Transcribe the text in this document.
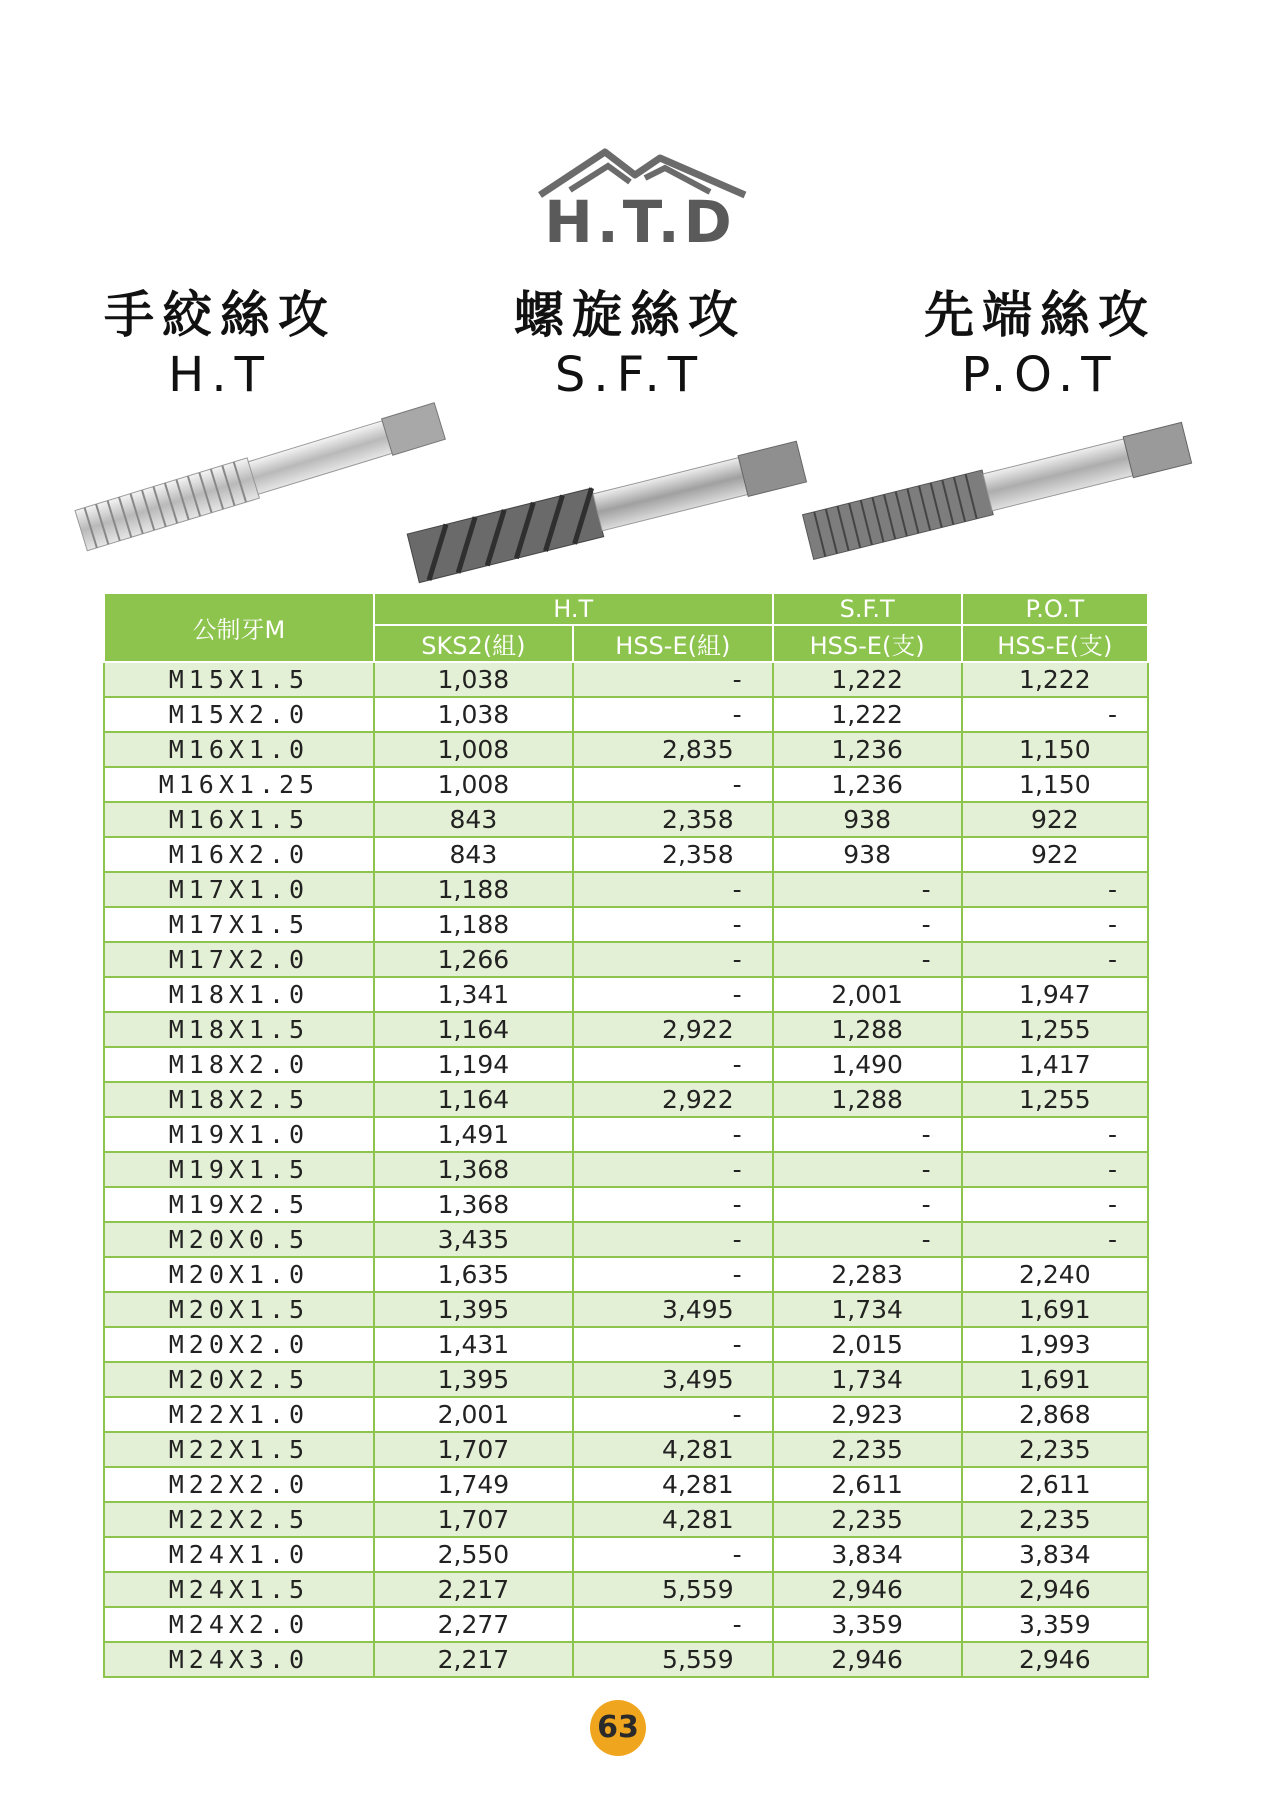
H.T.D
手絞絲攻
H.T
螺旋絲攻
S.F.T
先端絲攻
P.O.T
公制牙M	H.T		S.F.T	P.O.T
	SKS2(組)	HSS-E(組)	HSS-E(支)	HSS-E(支)
M15X1.5	1,038	-	1,222	1,222
M15X2.0	1,038	-	1,222	-
M16X1.0	1,008	2,835	1,236	1,150
M16X1.25	1,008	-	1,236	1,150
M16X1.5	843	2,358	938	922
M16X2.0	843	2,358	938	922
M17X1.0	1,188	-	-	-
M17X1.5	1,188	-	-	-
M17X2.0	1,266	-	-	-
M18X1.0	1,341	-	2,001	1,947
M18X1.5	1,164	2,922	1,288	1,255
M18X2.0	1,194	-	1,490	1,417
M18X2.5	1,164	2,922	1,288	1,255
M19X1.0	1,491	-	-	-
M19X1.5	1,368	-	-	-
M19X2.5	1,368	-	-	-
M20X0.5	3,435	-	-	-
M20X1.0	1,635	-	2,283	2,240
M20X1.5	1,395	3,495	1,734	1,691
M20X2.0	1,431	-	2,015	1,993
M20X2.5	1,395	3,495	1,734	1,691
M22X1.0	2,001	-	2,923	2,868
M22X1.5	1,707	4,281	2,235	2,235
M22X2.0	1,749	4,281	2,611	2,611
M22X2.5	1,707	4,281	2,235	2,235
M24X1.0	2,550	-	3,834	3,834
M24X1.5	2,217	5,559	2,946	2,946
M24X2.0	2,277	-	3,359	3,359
M24X3.0	2,217	5,559	2,946	2,946
63
